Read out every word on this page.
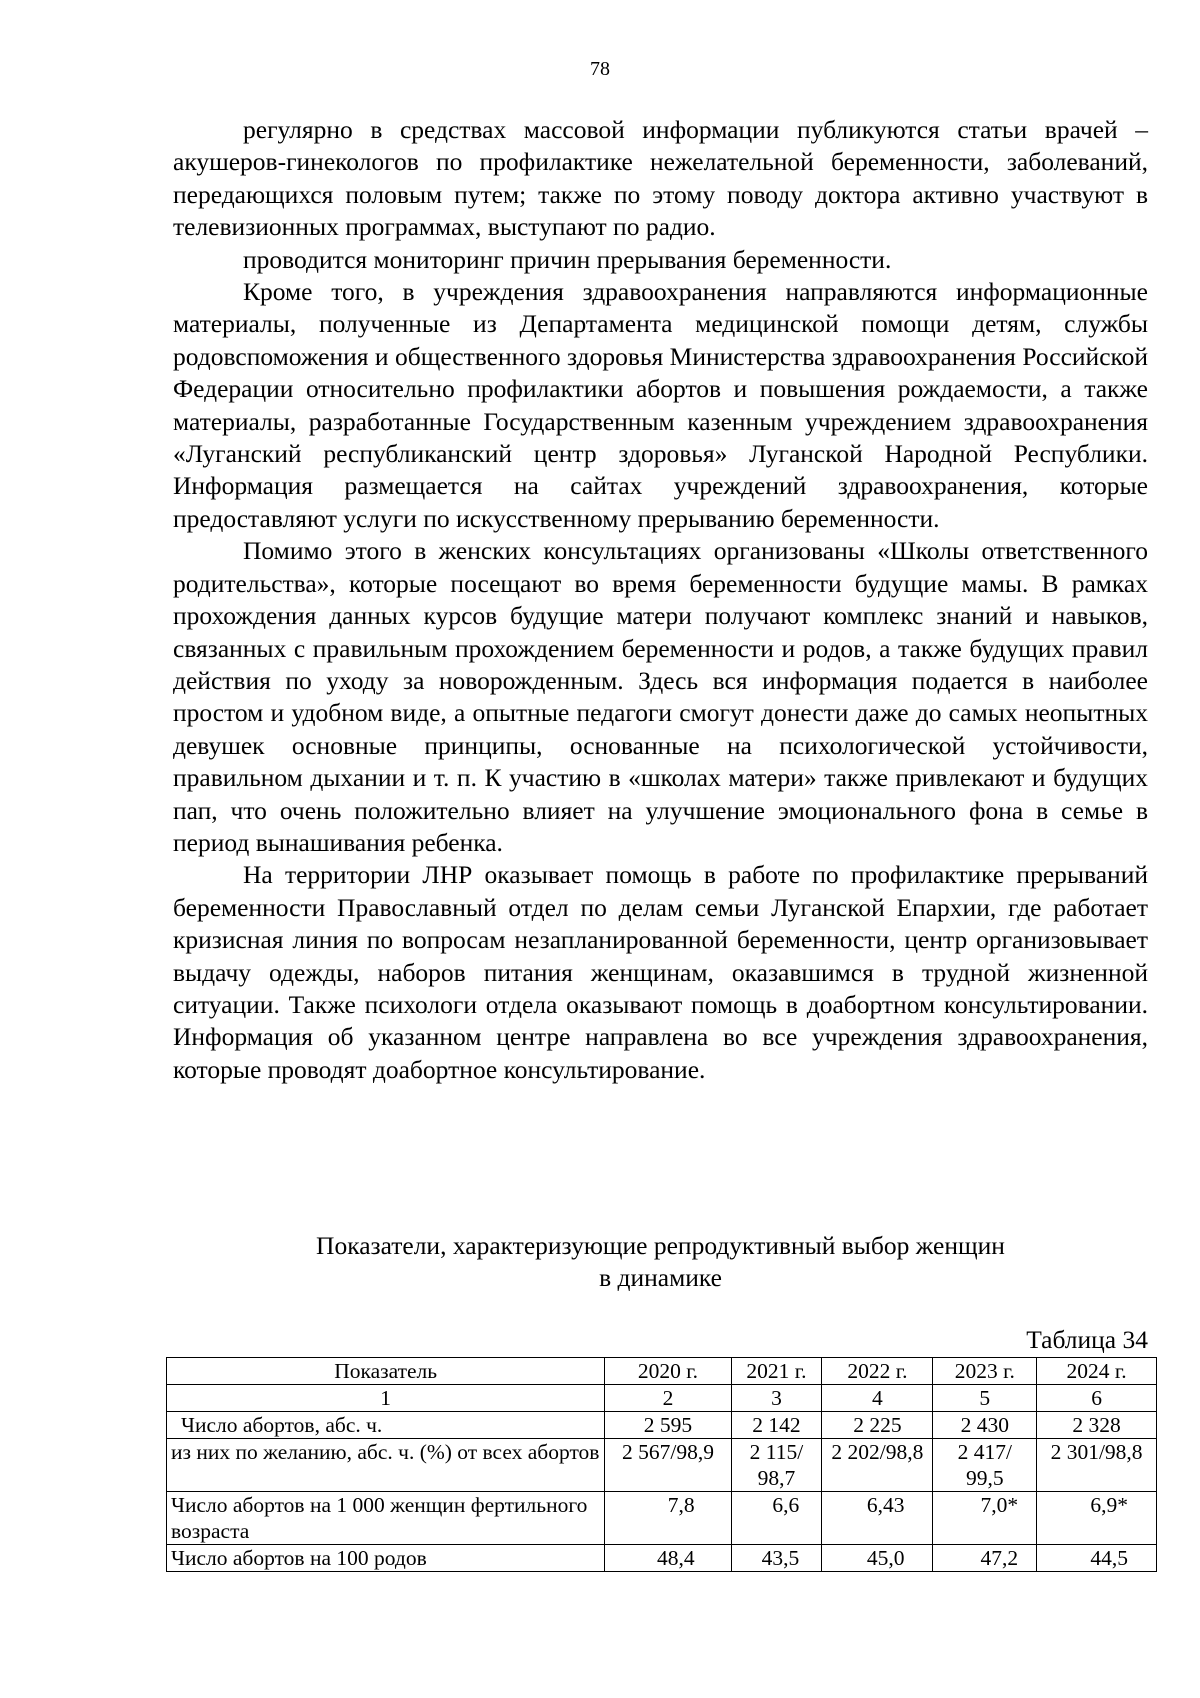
78

регулярно в средствах массовой информации публикуются статьи врачей – акушеров-гинекологов по профилактике нежелательной беременности, заболеваний, передающихся половым путем; также по этому поводу доктора активно участвуют в телевизионных программах, выступают по радио.

проводится мониторинг причин прерывания беременности.

Кроме того, в учреждения здравоохранения направляются информационные материалы, полученные из Департамента медицинской помощи детям, службы родовспоможения и общественного здоровья Министерства здравоохранения Российской Федерации относительно профилактики абортов и повышения рождаемости, а также материалы, разработанные Государственным казенным учреждением здравоохранения «Луганский республиканский центр здоровья» Луганской Народной Республики. Информация размещается на сайтах учреждений здравоохранения, которые предоставляют услуги по искусственному прерыванию беременности.

Помимо этого в женских консультациях организованы «Школы ответственного родительства», которые посещают во время беременности будущие мамы. В рамках прохождения данных курсов будущие матери получают комплекс знаний и навыков, связанных с правильным прохождением беременности и родов, а также будущих правил действия по уходу за новорожденным. Здесь вся информация подается в наиболее простом и удобном виде, а опытные педагоги смогут донести даже до самых неопытных девушек основные принципы, основанные на психологической устойчивости, правильном дыхании и т. п. К участию в «школах матери» также привлекают и будущих пап, что очень положительно влияет на улучшение эмоционального фона в семье в период вынашивания ребенка.

На территории ЛНР оказывает помощь в работе по профилактике прерываний беременности Православный отдел по делам семьи Луганской Епархии, где работает кризисная линия по вопросам незапланированной беременности, центр организовывает выдачу одежды, наборов питания женщинам, оказавшимся в трудной жизненной ситуации. Также психологи отдела оказывают помощь в доабортном консультировании. Информация об указанном центре направлена во все учреждения здравоохранения, которые проводят доабортное консультирование.

Показатели, характеризующие репродуктивный выбор женщин
в динамике
Таблица 34
Показатель	2020 г.	2021 г.	2022 г.	2023 г.	2024 г.
1	2	3	4	5	6
Число абортов, абс. ч.	2 595	2 142	2 225	2 430	2 328
из них по желанию, абс. ч. (%) от всех абортов	2 567/98,9	2 115/ 98,7	2 202/98,8	2 417/ 99,5	2 301/98,8
Число абортов на 1 000 женщин фертильного возраста	7,8	6,6	6,43	7,0*	6,9*
Число абортов на 100 родов	48,4	43,5	45,0	47,2	44,5
